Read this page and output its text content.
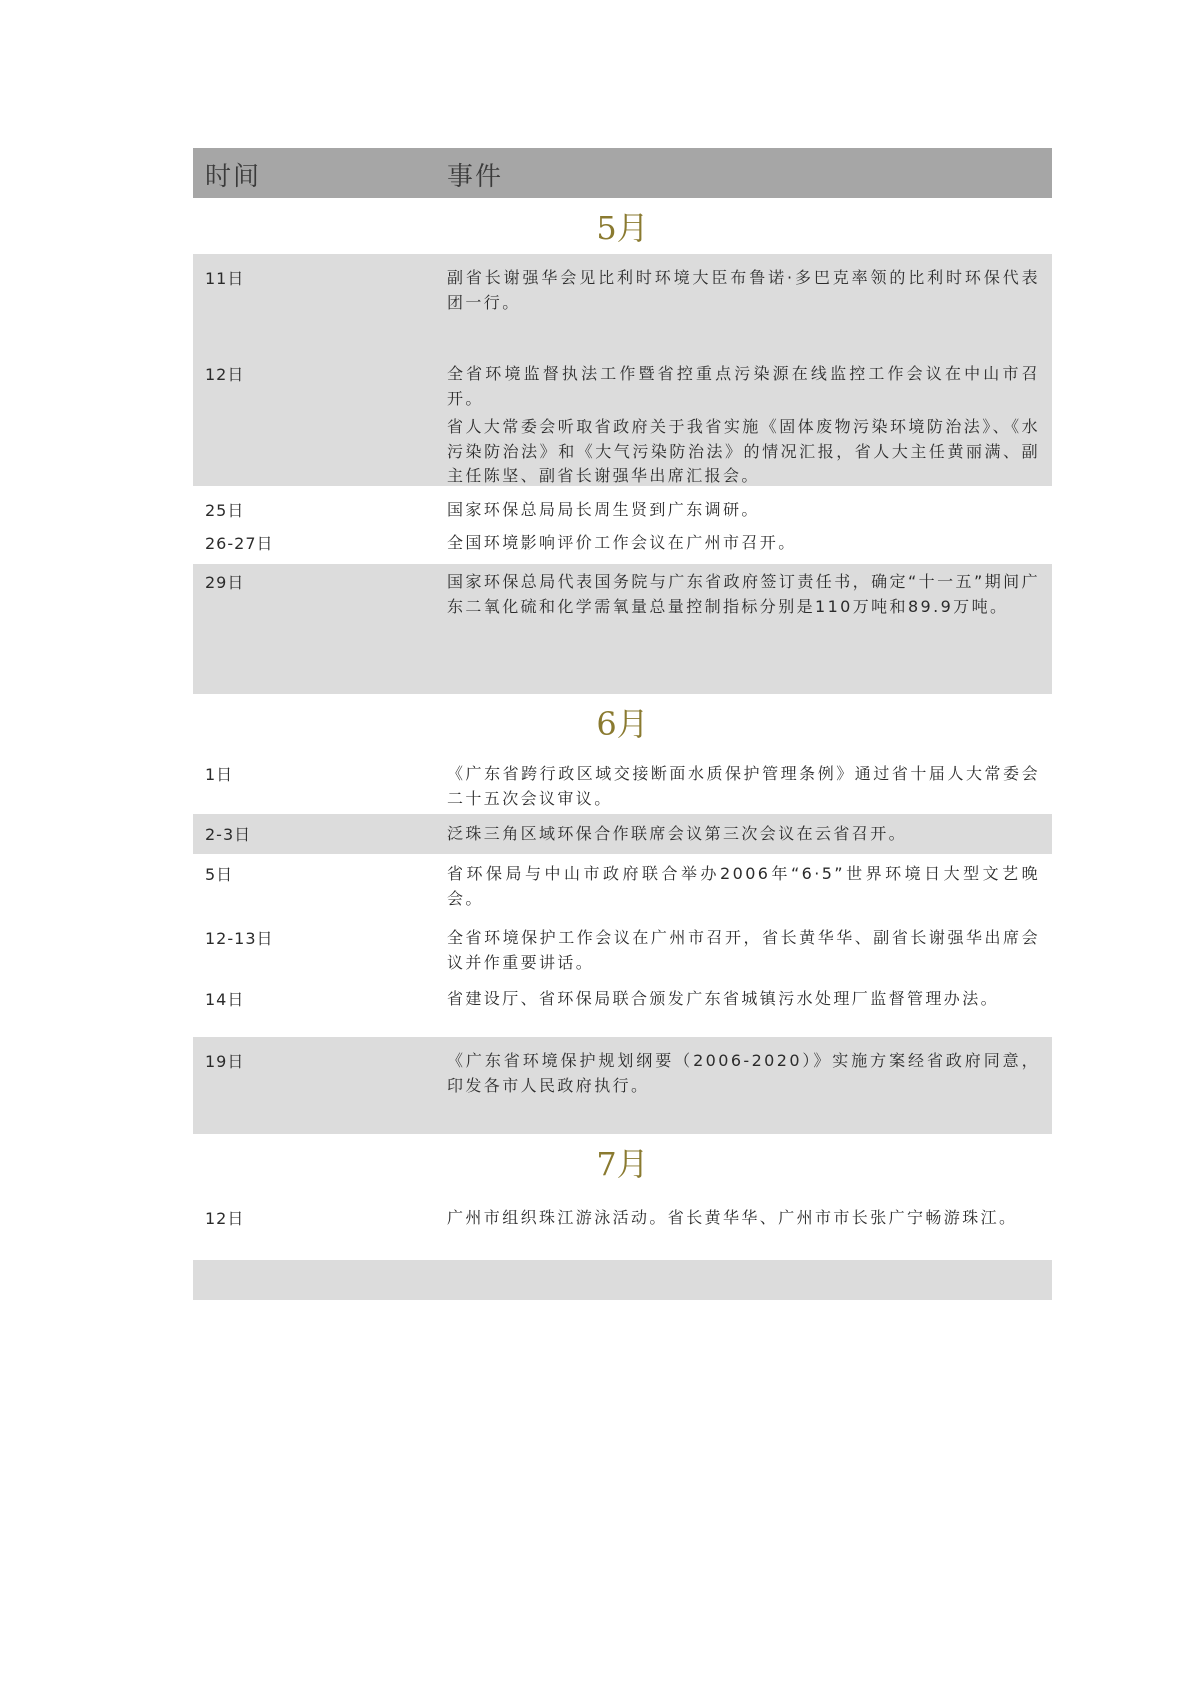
时间	事件
5月
11日	副省长谢强华会见比利时环境大臣布鲁诺·多巴克率领的比利时环保代表团一行。

12日	全省环境监督执法工作暨省控重点污染源在线监控工作会议在中山市召开。

省人大常委会听取省政府关于我省实施《固体废物污染环境防治法》、《水污染防治法》和《大气污染防治法》的情况汇报，省人大主任黄丽满、副主任陈坚、副省长谢强华出席汇报会。

25日	国家环保总局局长周生贤到广东调研。

26-27日	全国环境影响评价工作会议在广州市召开。

29日	国家环保总局代表国务院与广东省政府签订责任书，确定“十一五”期间广东二氧化硫和化学需氧量总量控制指标分别是110万吨和89.9万吨。

6月
1日	《广东省跨行政区域交接断面水质保护管理条例》通过省十届人大常委会二十五次会议审议。

2-3日	泛珠三角区域环保合作联席会议第三次会议在云省召开。

5日	省环保局与中山市政府联合举办2006年“6·5”世界环境日大型文艺晚会。

12-13日	全省环境保护工作会议在广州市召开，省长黄华华、副省长谢强华出席会议并作重要讲话。

14日	省建设厅、省环保局联合颁发广东省城镇污水处理厂监督管理办法。

19日	《广东省环境保护规划纲要（2006-2020）》实施方案经省政府同意，印发各市人民政府执行。

7月
12日	广州市组织珠江游泳活动。省长黄华华、广州市市长张广宁畅游珠江。
